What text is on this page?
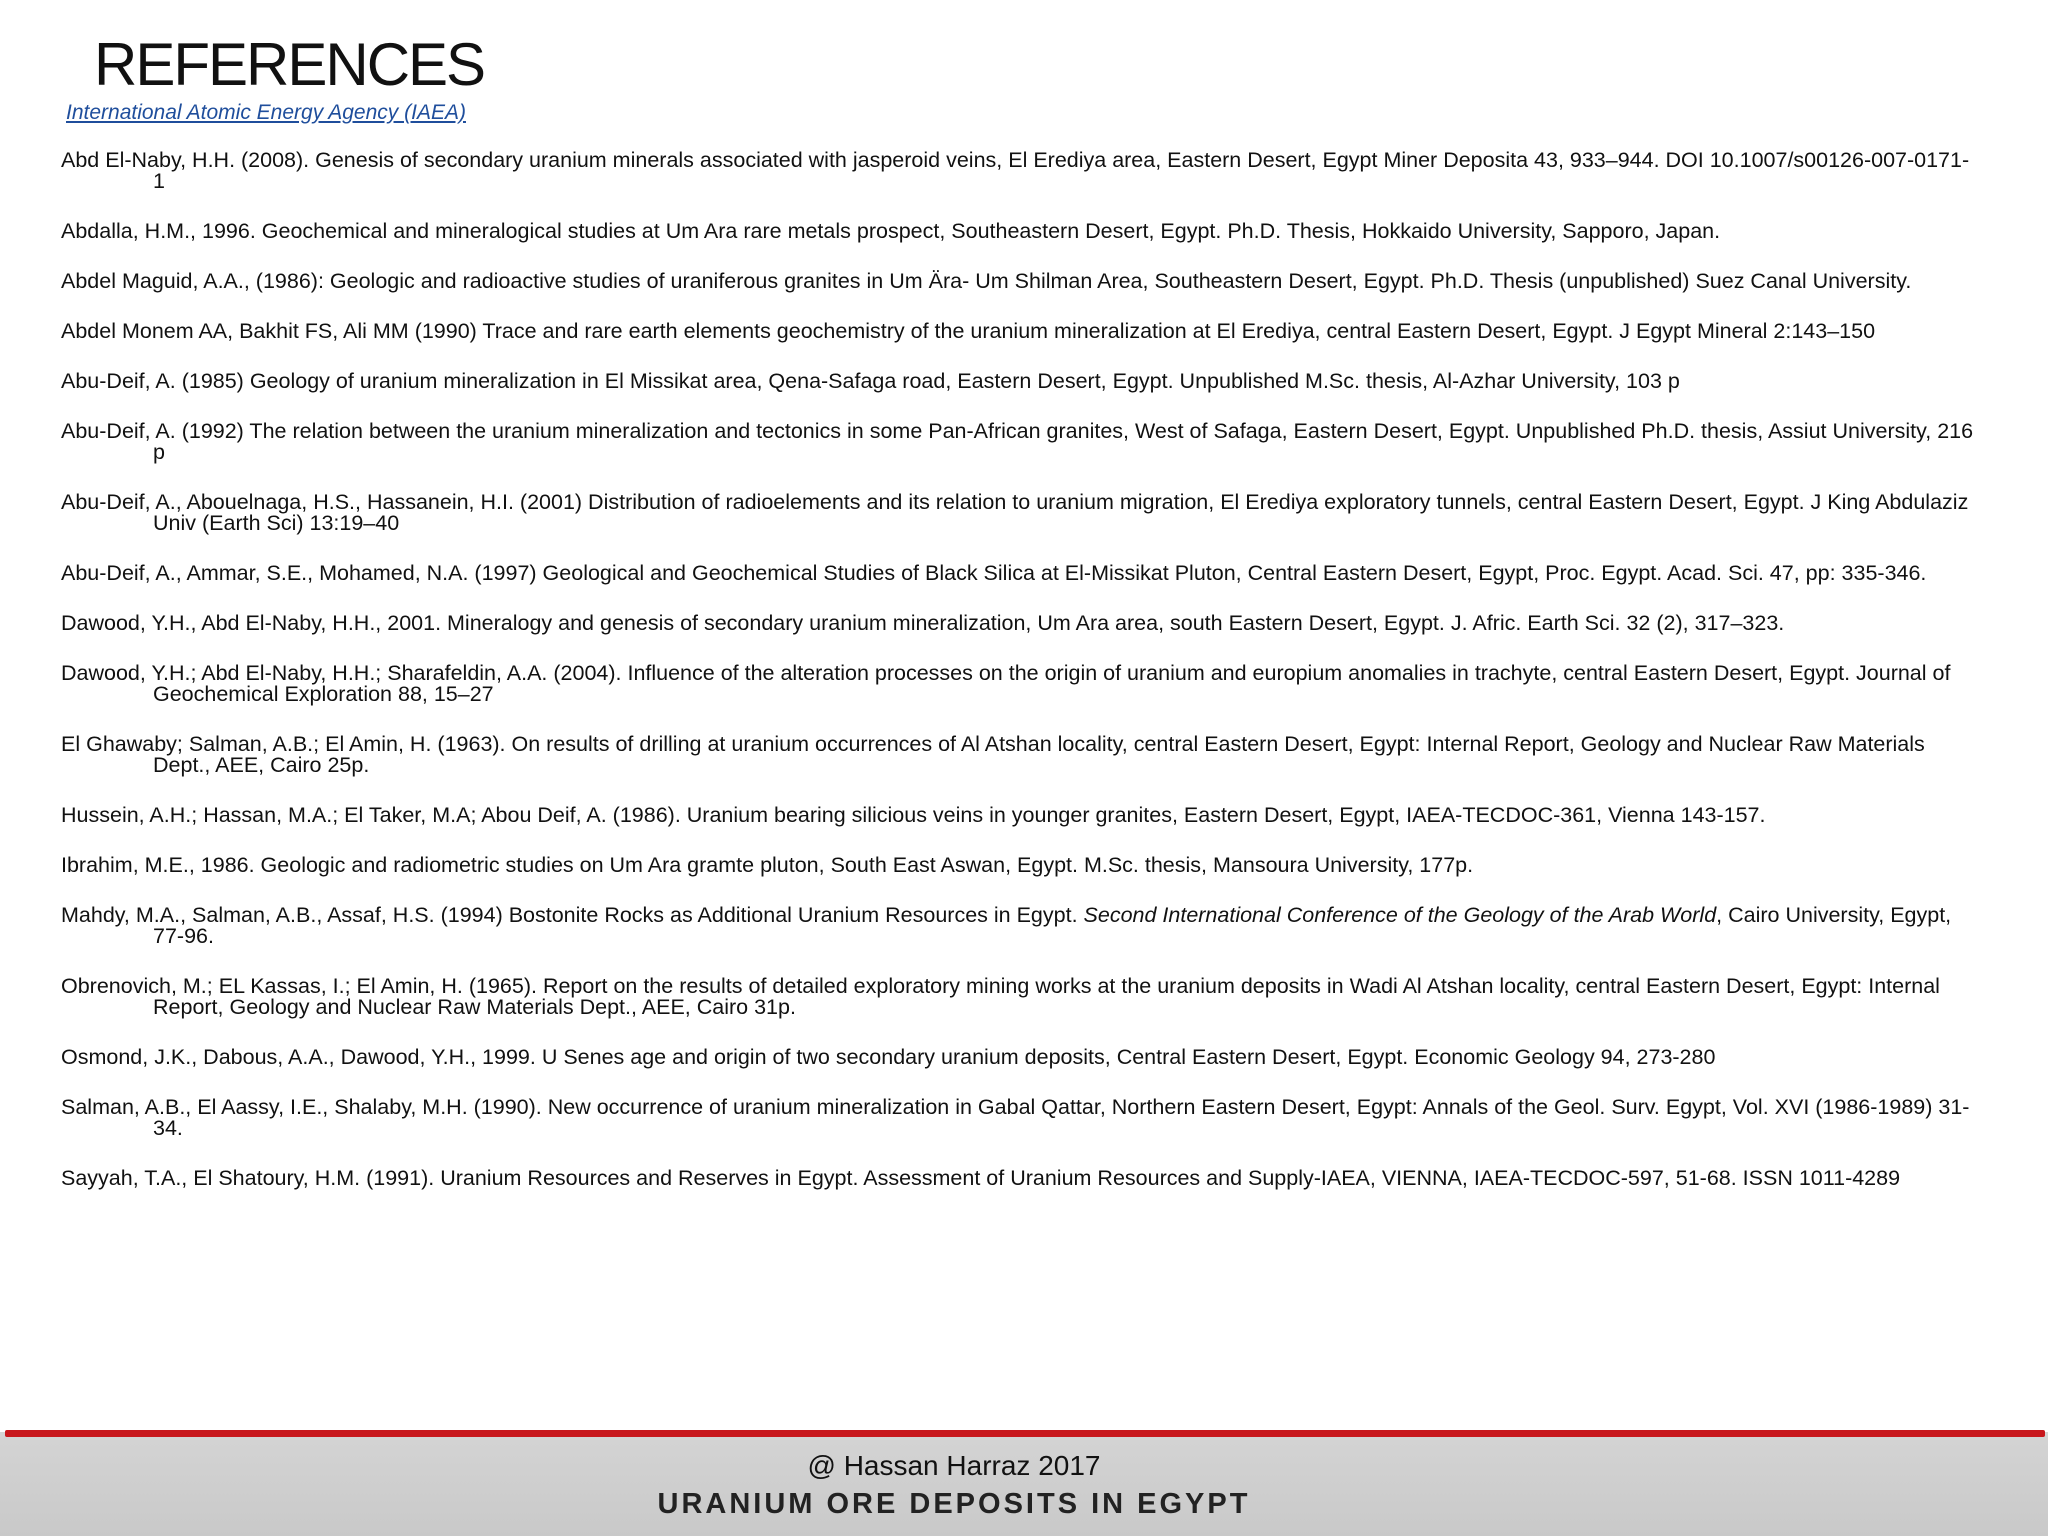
REFERENCES
International Atomic Energy Agency (IAEA)
Abd El-Naby, H.H. (2008). Genesis of secondary uranium minerals associated with jasperoid veins, El Erediya area, Eastern Desert, Egypt Miner Deposita 43, 933–944. DOI 10.1007/s00126-007-0171-1
Abdalla, H.M., 1996. Geochemical and mineralogical studies at Um Ara rare metals prospect, Southeastern Desert, Egypt. Ph.D. Thesis, Hokkaido University, Sapporo, Japan.
Abdel Maguid, A.A., (1986): Geologic and radioactive studies of uraniferous granites in Um Ära- Um Shilman Area, Southeastern Desert, Egypt. Ph.D. Thesis (unpublished) Suez Canal University.
Abdel Monem AA, Bakhit FS, Ali MM (1990) Trace and rare earth elements geochemistry of the uranium mineralization at El Erediya, central Eastern Desert, Egypt. J Egypt Mineral 2:143–150
Abu-Deif, A. (1985) Geology of uranium mineralization in El Missikat area, Qena-Safaga road, Eastern Desert, Egypt. Unpublished M.Sc. thesis, Al-Azhar University, 103 p
Abu-Deif, A. (1992) The relation between the uranium mineralization and tectonics in some Pan-African granites, West of Safaga, Eastern Desert, Egypt. Unpublished Ph.D. thesis, Assiut University, 216 p
Abu-Deif, A., Abouelnaga, H.S., Hassanein, H.I. (2001) Distribution of radioelements and its relation to uranium migration, El Erediya exploratory tunnels, central Eastern Desert, Egypt. J King Abdulaziz Univ (Earth Sci) 13:19–40
Abu-Deif, A., Ammar, S.E., Mohamed, N.A. (1997) Geological and Geochemical Studies of Black Silica at El-Missikat Pluton, Central Eastern Desert, Egypt, Proc. Egypt. Acad. Sci. 47, pp: 335-346.
Dawood, Y.H., Abd El-Naby, H.H., 2001. Mineralogy and genesis of secondary uranium mineralization, Um Ara area, south Eastern Desert, Egypt. J. Afric. Earth Sci. 32 (2), 317–323.
Dawood, Y.H.; Abd El-Naby, H.H.; Sharafeldin, A.A. (2004). Influence of the alteration processes on the origin of uranium and europium anomalies in trachyte, central Eastern Desert, Egypt. Journal of Geochemical Exploration 88, 15–27
El Ghawaby; Salman, A.B.; El Amin, H. (1963). On results of drilling at uranium occurrences of Al Atshan locality, central Eastern Desert, Egypt: Internal Report, Geology and Nuclear Raw Materials Dept., AEE, Cairo 25p.
Hussein, A.H.; Hassan, M.A.; El Taker, M.A; Abou Deif, A. (1986). Uranium bearing silicious veins in younger granites, Eastern Desert, Egypt, IAEA-TECDOC-361, Vienna 143-157.
Ibrahim, M.E., 1986. Geologic and radiometric studies on Um Ara gramte pluton, South East Aswan, Egypt. M.Sc. thesis, Mansoura University, 177p.
Mahdy, M.A., Salman, A.B., Assaf, H.S. (1994) Bostonite Rocks as Additional Uranium Resources in Egypt. Second International Conference of the Geology of the Arab World, Cairo University, Egypt, 77-96.
Obrenovich, M.; EL Kassas, I.; El Amin, H. (1965). Report on the results of detailed exploratory mining works at the uranium deposits in Wadi Al Atshan locality, central Eastern Desert, Egypt: Internal Report, Geology and Nuclear Raw Materials Dept., AEE, Cairo 31p.
Osmond, J.K., Dabous, A.A., Dawood, Y.H., 1999. U Senes age and origin of two secondary uranium deposits, Central Eastern Desert, Egypt. Economic Geology 94, 273-280
Salman, A.B., El Aassy, I.E., Shalaby, M.H. (1990). New occurrence of uranium mineralization in Gabal Qattar, Northern Eastern Desert, Egypt: Annals of the Geol. Surv. Egypt, Vol. XVI (1986-1989) 31-34.
Sayyah, T.A., El Shatoury, H.M. (1991). Uranium Resources and Reserves in Egypt. Assessment of Uranium Resources and Supply-IAEA, VIENNA, IAEA-TECDOC-597, 51-68. ISSN 1011-4289
@ Hassan Harraz 2017
URANIUM ORE DEPOSITS IN EGYPT
